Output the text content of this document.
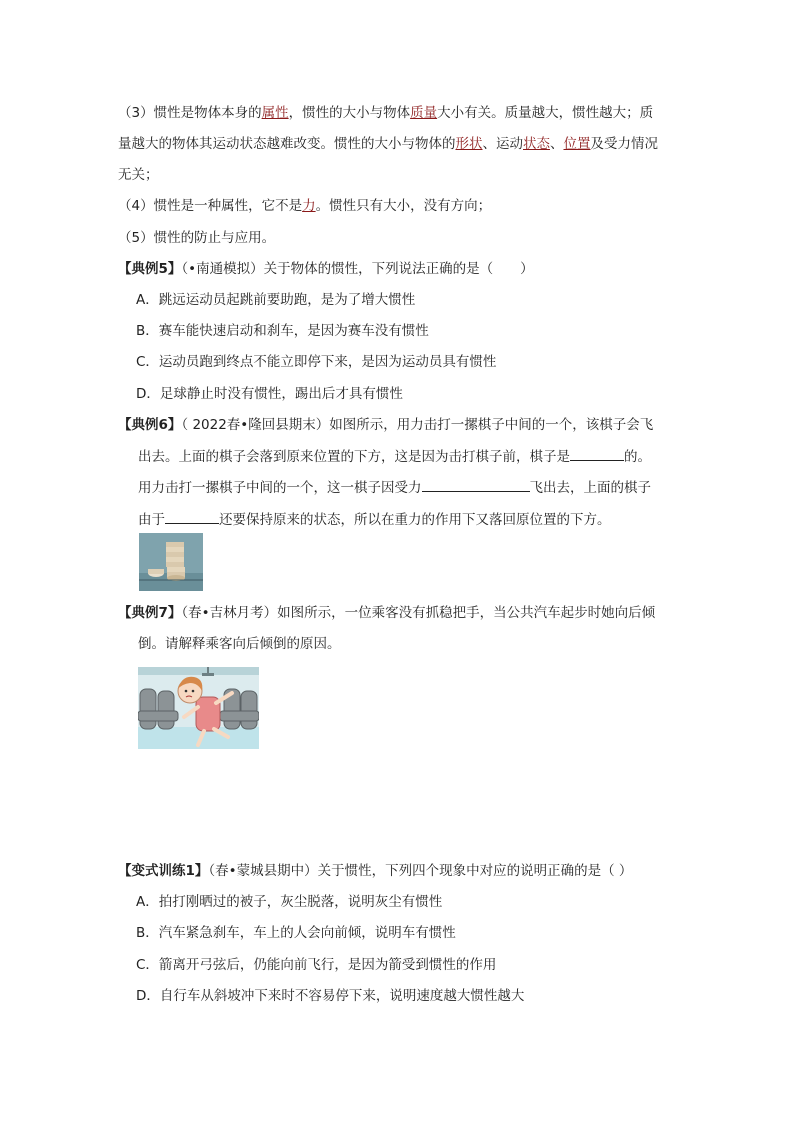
（3）惯性是物体本身的属性，惯性的大小与物体质量大小有关。质量越大，惯性越大；质
量越大的物体其运动状态越难改变。惯性的大小与物体的形状、运动状态、位置及受力情况
无关；
（4）惯性是一种属性，它不是力。惯性只有大小，没有方向；
（5）惯性的防止与应用。
【典例5】（•南通模拟）关于物体的惯性，下列说法正确的是（　　）
A．跳远运动员起跳前要助跑，是为了增大惯性
B．赛车能快速启动和刹车，是因为赛车没有惯性
C．运动员跑到终点不能立即停下来，是因为运动员具有惯性
D．足球静止时没有惯性，踢出后才具有惯性
【典例6】（ 2022春•隆回县期末）如图所示，用力击打一摞棋子中间的一个，该棋子会飞
出去。上面的棋子会落到原来位置的下方，这是因为击打棋子前，棋子是	的。
用力击打一摞棋子中间的一个，这一棋子因受力	飞出去，上面的棋子
由于	还要保持原来的状态，所以在重力的作用下又落回原位置的下方。
【典例7】（春•吉林月考）如图所示，一位乘客没有抓稳把手，当公共汽车起步时她向后倾
倒。请解释乘客向后倾倒的原因。
【变式训练1】（春•蒙城县期中）关于惯性，下列四个现象中对应的说明正确的是（ ）
A．拍打刚晒过的被子，灰尘脱落，说明灰尘有惯性
B．汽车紧急刹车，车上的人会向前倾，说明车有惯性
C．箭离开弓弦后，仍能向前飞行，是因为箭受到惯性的作用
D．自行车从斜坡冲下来时不容易停下来，说明速度越大惯性越大
